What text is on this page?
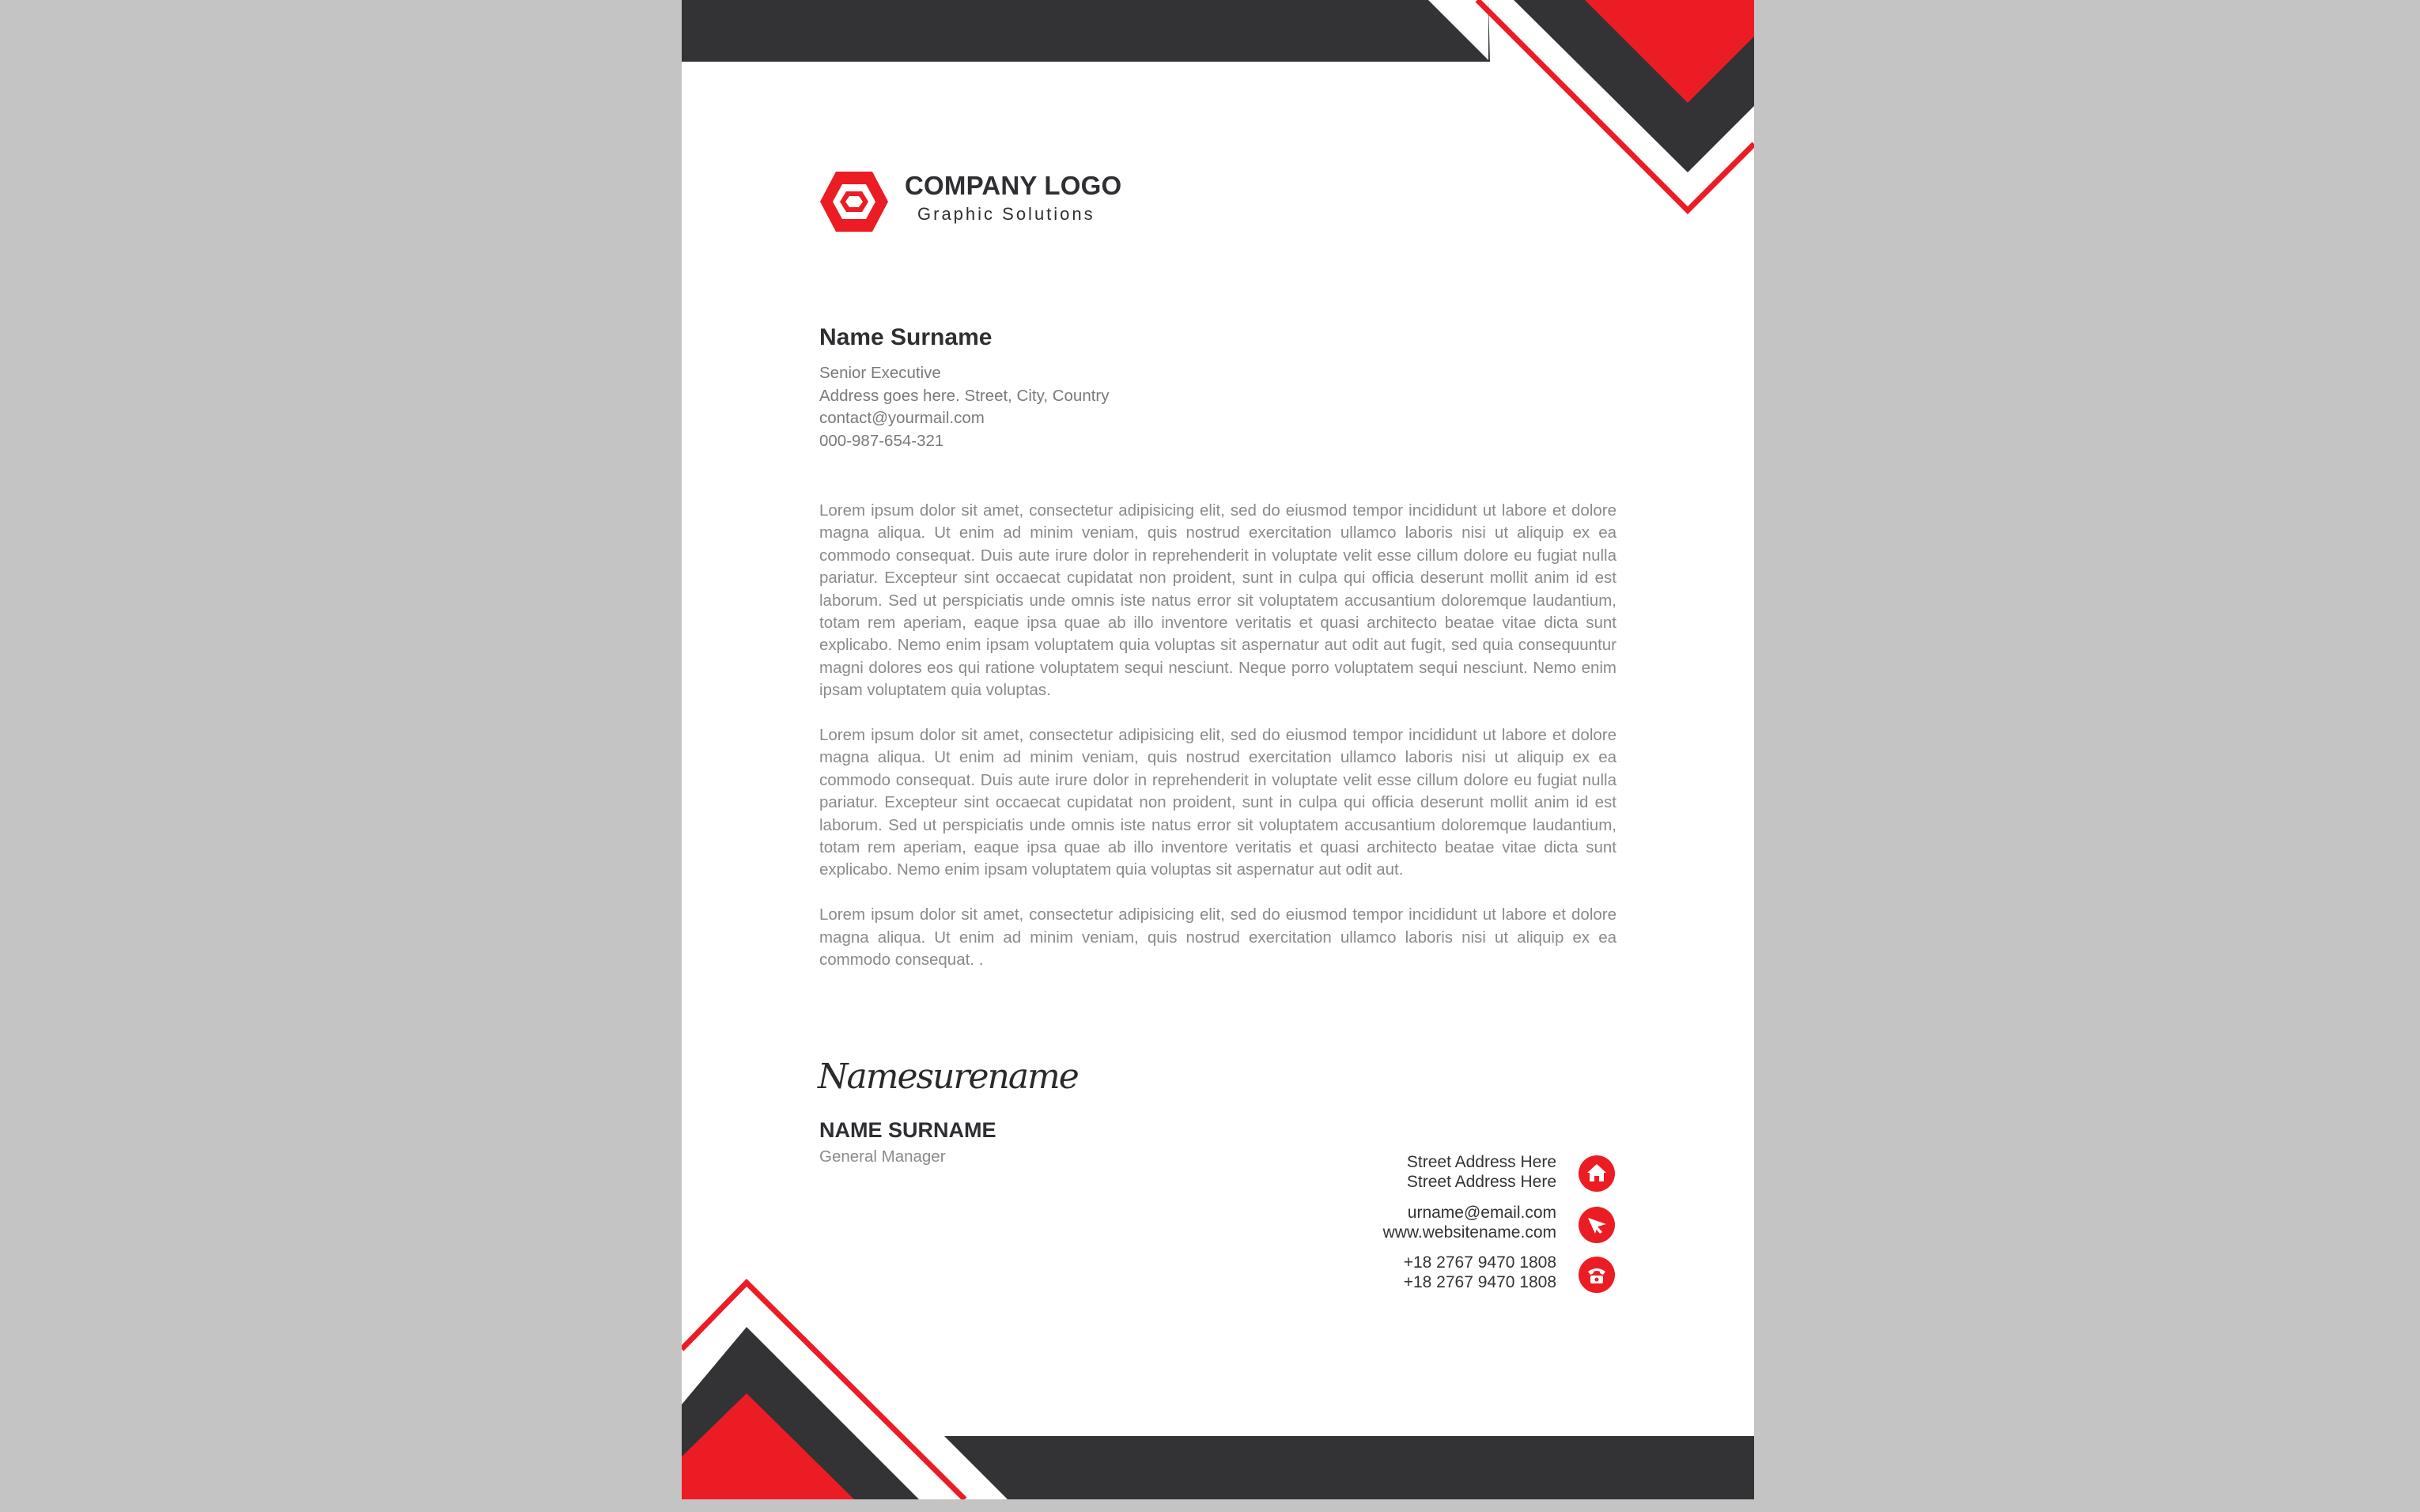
COMPANY LOGO
Graphic Solutions
Name Surname
Senior Executive
Address goes here. Street, City, Country
contact@yourmail.com
000-987-654-321

Lorem ipsum dolor sit amet, consectetur adipisicing elit, sed do eiusmod tempor incididunt ut labore et dolore magna aliqua. Ut enim ad minim veniam, quis nostrud exercitation ullamco laboris nisi ut aliquip ex ea commodo consequat. Duis aute irure dolor in reprehenderit in voluptate velit esse cillum dolore eu fugiat nulla pariatur. Excepteur sint occaecat cupidatat non proident, sunt in culpa qui officia deserunt mollit anim id est laborum. Sed ut perspiciatis unde omnis iste natus error sit voluptatem accusantium doloremque laudantium, totam rem aperiam, eaque ipsa quae ab illo inventore veritatis et quasi architecto beatae vitae dicta sunt explicabo. Nemo enim ipsam voluptatem quia voluptas sit aspernatur aut odit aut fugit, sed quia consequuntur magni dolores eos qui ratione voluptatem sequi nesciunt. Neque porro voluptatem sequi nesciunt. Nemo enim ipsam voluptatem quia voluptas.

Lorem ipsum dolor sit amet, consectetur adipisicing elit, sed do eiusmod tempor incididunt ut labore et dolore magna aliqua. Ut enim ad minim veniam, quis nostrud exercitation ullamco laboris nisi ut aliquip ex ea commodo consequat. Duis aute irure dolor in reprehenderit in voluptate velit esse cillum dolore eu fugiat nulla pariatur. Excepteur sint occaecat cupidatat non proident, sunt in culpa qui officia deserunt mollit anim id est laborum. Sed ut perspiciatis unde omnis iste natus error sit voluptatem accusantium doloremque laudantium, totam rem aperiam, eaque ipsa quae ab illo inventore veritatis et quasi architecto beatae vitae dicta sunt explicabo. Nemo enim ipsam voluptatem quia voluptas sit aspernatur aut odit aut.

Lorem ipsum dolor sit amet, consectetur adipisicing elit, sed do eiusmod tempor incididunt ut labore et dolore magna aliqua. Ut enim ad minim veniam, quis nostrud exercitation ullamco laboris nisi ut aliquip ex ea commodo consequat. .

Namesurename
NAME SURNAME
General Manager	Street Address Here
Street Address Here
urname@email.com
www.websitename.com
+18 2767 9470 1808
+18 2767 9470 1808
